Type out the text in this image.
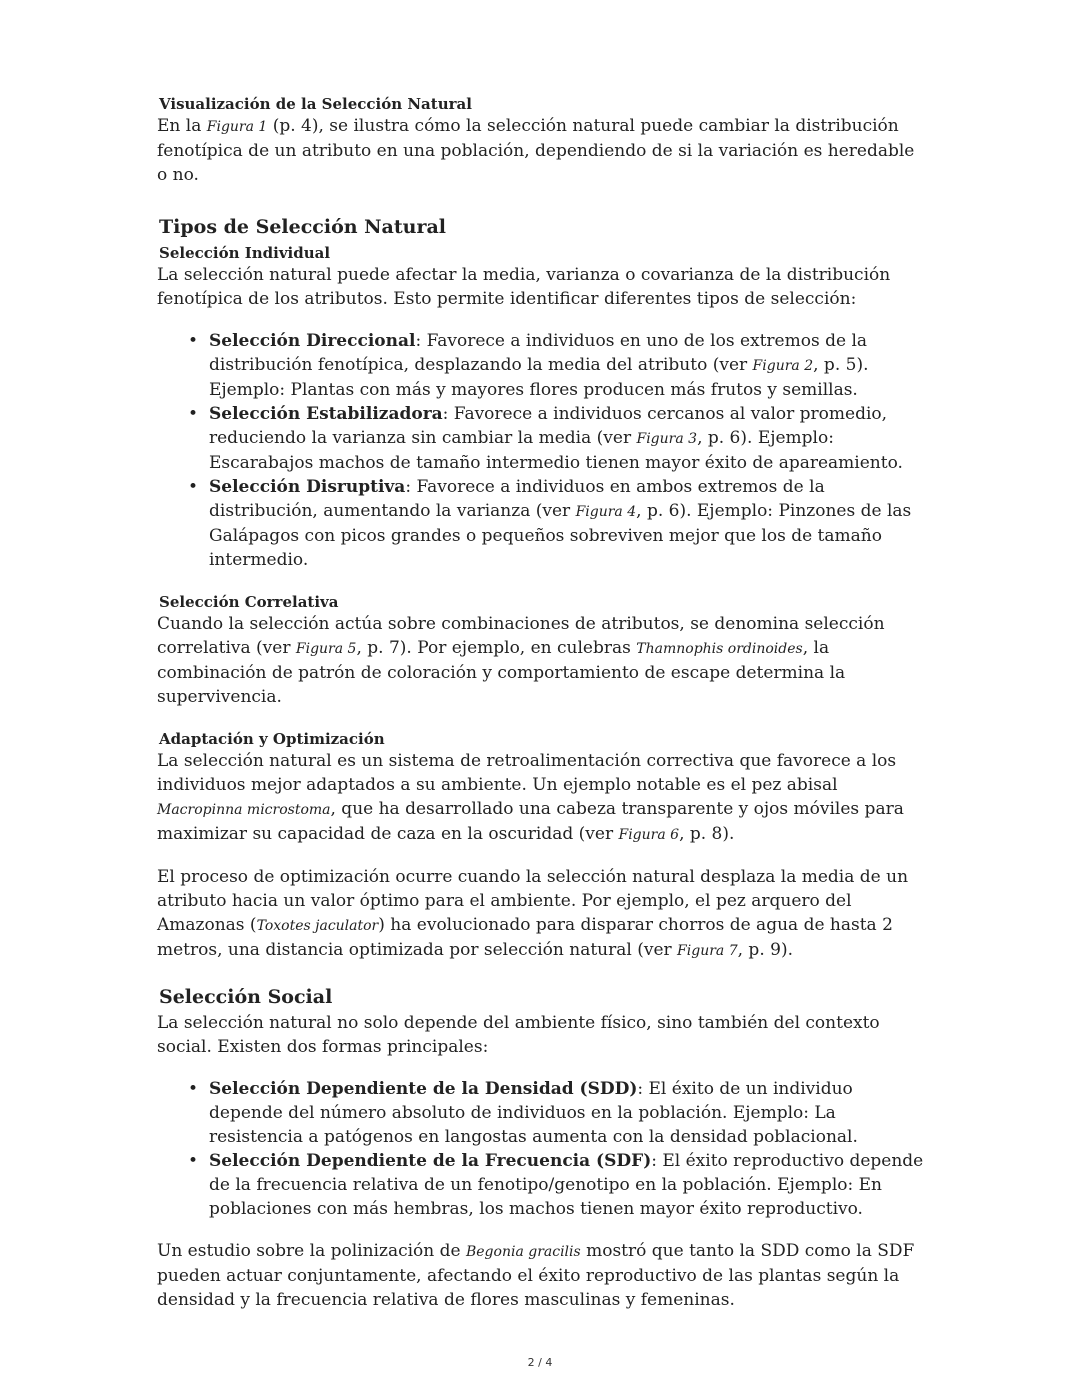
Visualización de la Selección Natural

En la Figura 1 (p. 4), se ilustra cómo la selección natural puede cambiar la distribución fenotípica de un atributo en una población, dependiendo de si la variación es heredable o no.

Tipos de Selección Natural
Selección Individual

La selección natural puede afectar la media, varianza o covarianza de la distribución fenotípica de los atributos. Esto permite identificar diferentes tipos de selección:

• Selección Direccional: Favorece a individuos en uno de los extremos de la distribución fenotípica, desplazando la media del atributo (ver Figura 2, p. 5). Ejemplo: Plantas con más y mayores flores producen más frutos y semillas.
• Selección Estabilizadora: Favorece a individuos cercanos al valor promedio, reduciendo la varianza sin cambiar la media (ver Figura 3, p. 6). Ejemplo: Escarabajos machos de tamaño intermedio tienen mayor éxito de apareamiento.
• Selección Disruptiva: Favorece a individuos en ambos extremos de la distribución, aumentando la varianza (ver Figura 4, p. 6). Ejemplo: Pinzones de las Galápagos con picos grandes o pequeños sobreviven mejor que los de tamaño intermedio.
Selección Correlativa

Cuando la selección actúa sobre combinaciones de atributos, se denomina selección correlativa (ver Figura 5, p. 7). Por ejemplo, en culebras Thamnophis ordinoides, la combinación de patrón de coloración y comportamiento de escape determina la supervivencia.

Adaptación y Optimización

La selección natural es un sistema de retroalimentación correctiva que favorece a los individuos mejor adaptados a su ambiente. Un ejemplo notable es el pez abisal Macropinna microstoma, que ha desarrollado una cabeza transparente y ojos móviles para maximizar su capacidad de caza en la oscuridad (ver Figura 6, p. 8).

El proceso de optimización ocurre cuando la selección natural desplaza la media de un atributo hacia un valor óptimo para el ambiente. Por ejemplo, el pez arquero del Amazonas (Toxotes jaculator) ha evolucionado para disparar chorros de agua de hasta 2 metros, una distancia optimizada por selección natural (ver Figura 7, p. 9).

Selección Social

La selección natural no solo depende del ambiente físico, sino también del contexto social. Existen dos formas principales:

• Selección Dependiente de la Densidad (SDD): El éxito de un individuo depende del número absoluto de individuos en la población. Ejemplo: La resistencia a patógenos en langostas aumenta con la densidad poblacional.
• Selección Dependiente de la Frecuencia (SDF): El éxito reproductivo depende de la frecuencia relativa de un fenotipo/genotipo en la población. Ejemplo: En poblaciones con más hembras, los machos tienen mayor éxito reproductivo.

Un estudio sobre la polinización de Begonia gracilis mostró que tanto la SDD como la SDF pueden actuar conjuntamente, afectando el éxito reproductivo de las plantas según la densidad y la frecuencia relativa de flores masculinas y femeninas.

2 / 4
